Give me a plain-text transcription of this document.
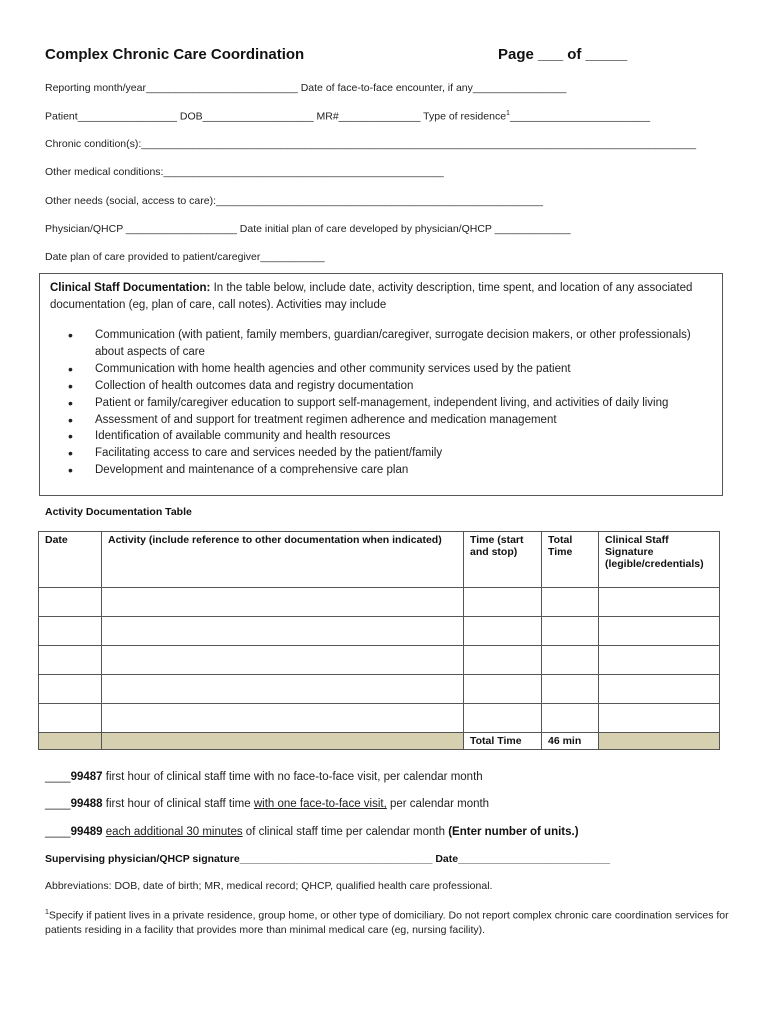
Complex Chronic Care Coordination	Page ___ of _____
Reporting month/year__________________________ Date of face-to-face encounter, if any________________
Patient_________________ DOB___________________ MR#______________ Type of residence$^1$________________________
Chronic condition(s):_______________________________________________________________________________________________
Other medical conditions:________________________________________________
Other needs (social, access to care):________________________________________________________
Physician/QHCP ___________________ Date initial plan of care developed by physician/QHCP _____________
Date plan of care provided to patient/caregiver___________
Clinical Staff Documentation: In the table below, include date, activity description, time spent, and location of any associated documentation (eg, plan of care, call notes). Activities may include
• Communication (with patient, family members, guardian/caregiver, surrogate decision makers, or other professionals) about aspects of care
• Communication with home health agencies and other community services used by the patient
• Collection of health outcomes data and registry documentation
• Patient or family/caregiver education to support self-management, independent living, and activities of daily living
• Assessment of and support for treatment regimen adherence and medication management
• Identification of available community and health resources
• Facilitating access to care and services needed by the patient/family
• Development and maintenance of a comprehensive care plan
Activity Documentation Table
Date	Activity (include reference to other documentation when indicated)	Time (start and stop)	Total Time	Clinical Staff Signature (legible/credentials)

		Total Time	46 min	
____99487 first hour of clinical staff time with no face-to-face visit, per calendar month
____99488 first hour of clinical staff time with one face-to-face visit, per calendar month
____99489 each additional 30 minutes of clinical staff time per calendar month (Enter number of units.)
Supervising physician/QHCP signature_________________________________ Date__________________________
Abbreviations: DOB, date of birth; MR, medical record; QHCP, qualified health care professional.
$^1$Specify if patient lives in a private residence, group home, or other type of domiciliary. Do not report complex chronic care coordination services for patients residing in a facility that provides more than minimal medical care (eg, nursing facility).
